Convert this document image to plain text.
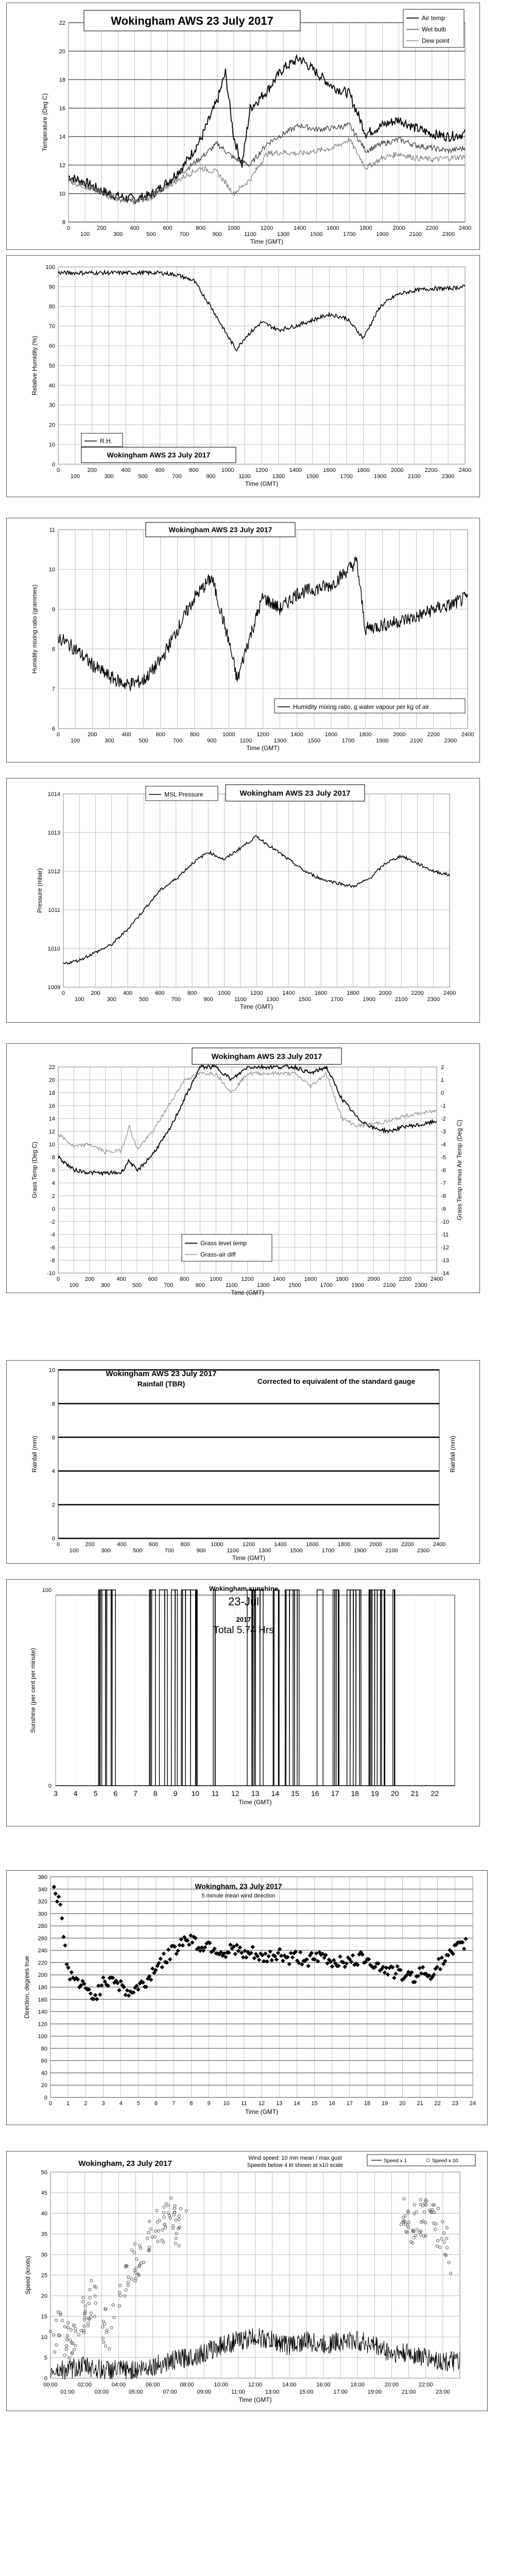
8
10
12
14
16
18
20
22
0
100
200
300
400
500
600
700
800
900
1000
1100
1200
1300
1400
1500
1600
1700
1800
1900
2000
2100
2200
2300
2400
Time (GMT)
Temperature (Deg C)
Wokingham AWS 23 July 2017	Air temp
Wet bulb
Dew point
0
10
20
30
40
50
60
70
80
90
100
0
100
200
300
400
500
600
700
800
900
1000
1100
1200
1300
1400
1500
1600
1700
1800
1900
2000
2100
2200
2300
2400
Time (GMT)
Relative Humidity (%)
R.H.
Wokingham AWS 23 July 2017
6
7
8
9
10
11
0
100
200
300
400
500
600
700
800
900
1000
1100
1200
1300
1400
1500
1600
1700
1800
1900
2000
2100
2200
2300
2400
Time (GMT)
Humidity mixing ratio (grammes)
Wokingham AWS 23 July 2017
Humidity mixing ratio, g water vapour per kg of air
1009
1010
1011
1012
1013
1014
0
100
200
300
400
500
600
700
800
900
1000
1100
1200
1300
1400
1500
1600
1700
1800
1900
2000
2100
2200
2300
2400
Time (GMT)
Pressure (mbar)
MSL Pressure	Wokingham AWS 23 July 2017
-10
-8
-6
-4
-2
0
2
4
6
8
10
12
14
16
18
20
22
0
100
200
300
400
500
600
700
800
900
1000
1100
1200
1300
1400
1500
1600
1700
1800
1900
2000
2100
2200
2300
2400
Time (GMT)
Grass Temp (Deg C)
-14
-13
-12
-11
-10
-9
-8
-7
-6
-5
-4
-3
-2
-1
0
1
2
Grass Temp minus Air Temp (Deg C)
Wokingham AWS 23 July 2017
Grass level temp
Grass-air diff
0
2
4
6
8
10
0
100
200
300
400
500
600
700
800
900
1000
1100
1200
1300
1400
1500
1600
1700
1800
1900
2000
2100
2200
2300
2400
Time (GMT)
Rainfall (mm)	Rainfall (mm)
Wokingham AWS 23 July 2017
Rainfall (TBR)	Corrected to equivalent of the standard gauge
3 4 5 6 7 8 9 10 11 12 13 14 15 16 17 18 19 20 21 22
0
100
Time (GMT)
Sunshine (per cent per minute)
Wokingham sunshine
23-Jul
2017
Total 5.74 Hrs
0
20
40
60
80
100
120
140
160
180
200
220
240
260
280
300
320
340
360
0	1	2	3	4	5	6	7	8	9 10 11 12 13 14 15 16 17 18 19 20 21 22 23 24
Time (GMT)
Direction, degrees true
Wokingham, 23 July 2017
5 minute mean wind direction
0
5
10
15
20
25
30
35
40
45
50
00:00	02:00	04:00	06:00	08:00	10:00	12:00	14:00	16:00	18:00	20:00	22:00
01:00	03:00	05:00	07:00	09:00	11:00	13:00	15:00	17:00	19:00	21:00	23:00
Time (GMT)
Speed (knots)
Wokingham, 23 July 2017
Wind speed: 10 min mean / max gust
Speeds below 4 kt shown at x10 scale
Speed x 1	Speed x 10
